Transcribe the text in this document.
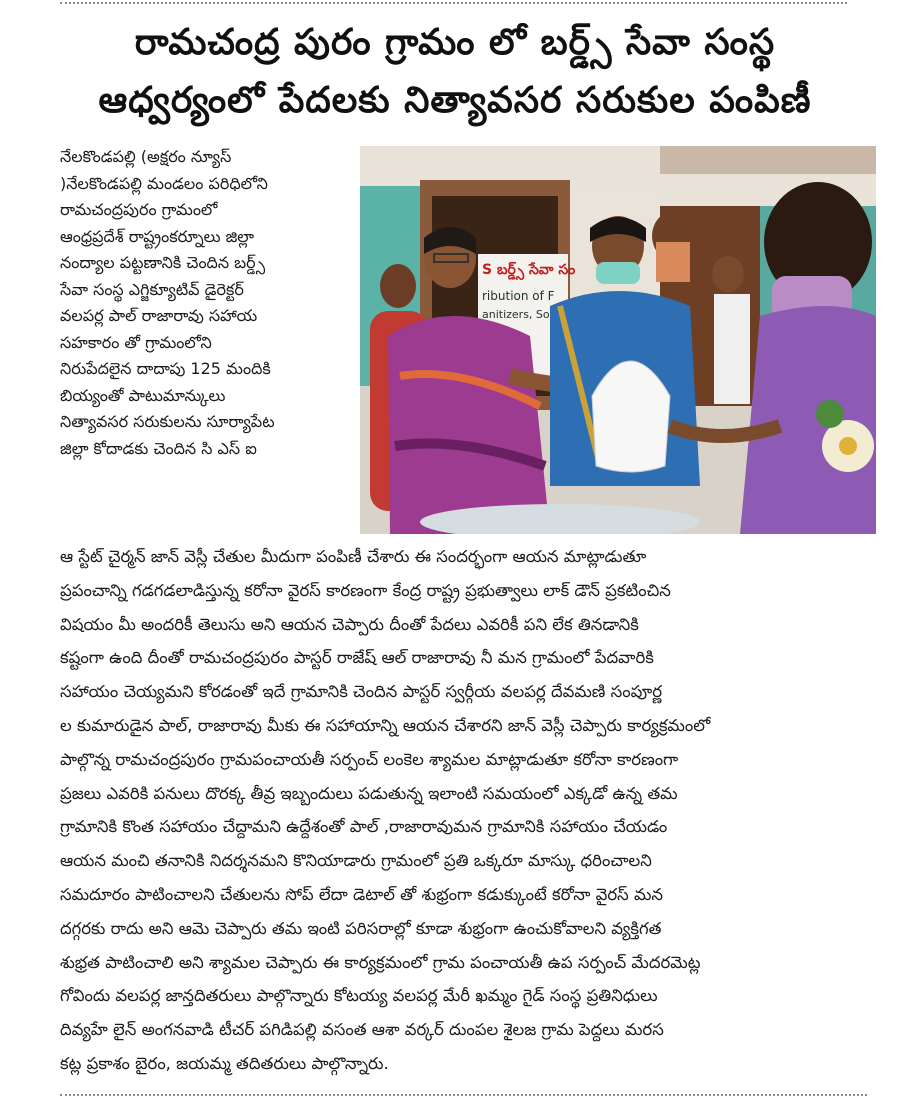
రామచంద్ర పురం గ్రామం లో బర్డ్స్ సేవా సంస్థ
ఆధ్వర్యంలో పేదలకు నిత్యావసర సరుకుల పంపిణీ
నేలకొండపల్లి (అక్షరం న్యూస్
)నేలకొండపల్లి మండలం పరిధిలోని
రామచంద్రపురం గ్రామంలో
ఆంధ్రప్రదేశ్ రాష్ట్రంకర్నూలు జిల్లా
నంద్యాల పట్టణానికి చెందిన బర్డ్స్
సేవా సంస్థ ఎగ్జిక్యూటివ్ డైరెక్టర్
వలపర్ల పాల్ రాజారావు సహాయ
సహకారం తో గ్రామంలోని
నిరుపేదలైన దాదాపు 125 మందికి
బియ్యంతో పాటుమాన్కులు
నిత్యావసర సరుకులను సూర్యాపేట
జిల్లా కోదాడకు చెందిన సి ఎస్ ఐ
S బర్డ్స్ సేవా సం
ribution of F
anitizers, So
ఆ స్టేట్ చైర్మన్ జాన్ వెస్లీ చేతుల మీదుగా పంపిణీ చేశారు ఈ సందర్భంగా ఆయన మాట్లాడుతూ
ప్రపంచాన్ని గడగడలాడిస్తున్న కరోనా వైరస్ కారణంగా కేంద్ర రాష్ట్ర ప్రభుత్వాలు లాక్ డౌన్ ప్రకటించిన
విషయం మీ అందరికీ తెలుసు అని ఆయన చెప్పారు దీంతో పేదలు ఎవరికీ పని లేక తినడానికి
కష్టంగా ఉంది దీంతో రామచంద్రపురం పాస్టర్ రాజేష్ ఆల్ రాజారావు నీ మన గ్రామంలో పేదవారికి
సహాయం చెయ్యమని కోరడంతో ఇదే గ్రామానికి చెందిన పాస్టర్ స్వర్గీయ వలపర్ల దేవమణి సంపూర్ణ
ల కుమారుడైన పాల్, రాజారావు మీకు ఈ సహాయాన్ని ఆయన చేశారని జాన్ వెస్లీ చెప్పారు కార్యక్రమంలో
పాల్గొన్న రామచంద్రపురం గ్రామపంచాయతీ సర్పంచ్ లంకెల శ్యామల మాట్లాడుతూ కరోనా కారణంగా
ప్రజలు ఎవరికి పనులు దొరక్క తీవ్ర ఇబ్బందులు పడుతున్న ఇలాంటి సమయంలో ఎక్కడో ఉన్న తమ
గ్రామానికి కొంత సహాయం చేద్దామని ఉద్దేశంతో పాల్ ,రాజారావుమన గ్రామానికి సహాయం చేయడం
ఆయన మంచి తనానికి నిదర్శనమని కొనియాడారు గ్రామంలో ప్రతి ఒక్కరూ మాస్కు ధరించాలని
సమదూరం పాటించాలని చేతులను సోప్ లేదా డెటాల్ తో శుభ్రంగా కడుక్కుంటే కరోనా వైరస్ మన
దగ్గరకు రాదు అని ఆమె చెప్పారు తమ ఇంటి పరిసరాల్లో కూడా శుభ్రంగా ఉంచుకోవాలని వ్యక్తిగత
శుభ్రత పాటించాలి అని శ్యామల చెప్పారు ఈ కార్యక్రమంలో గ్రామ పంచాయతీ ఉప సర్పంచ్ మేదరమెట్ల
గోవిందు వలపర్ల జాన్తదితరులు పాల్గొన్నారు కోటయ్య వలపర్ల మేరీ ఖమ్మం గైడ్ సంస్థ ప్రతినిధులు
దివ్యహే లైన్ అంగనవాడి టీచర్ పగిడిపల్లి వసంత ఆశా వర్కర్ దుంపల శైలజ గ్రామ పెద్దలు మరస
కట్ల ప్రకాశం బైరం, జయమ్మ తదితరులు పాల్గొన్నారు.
